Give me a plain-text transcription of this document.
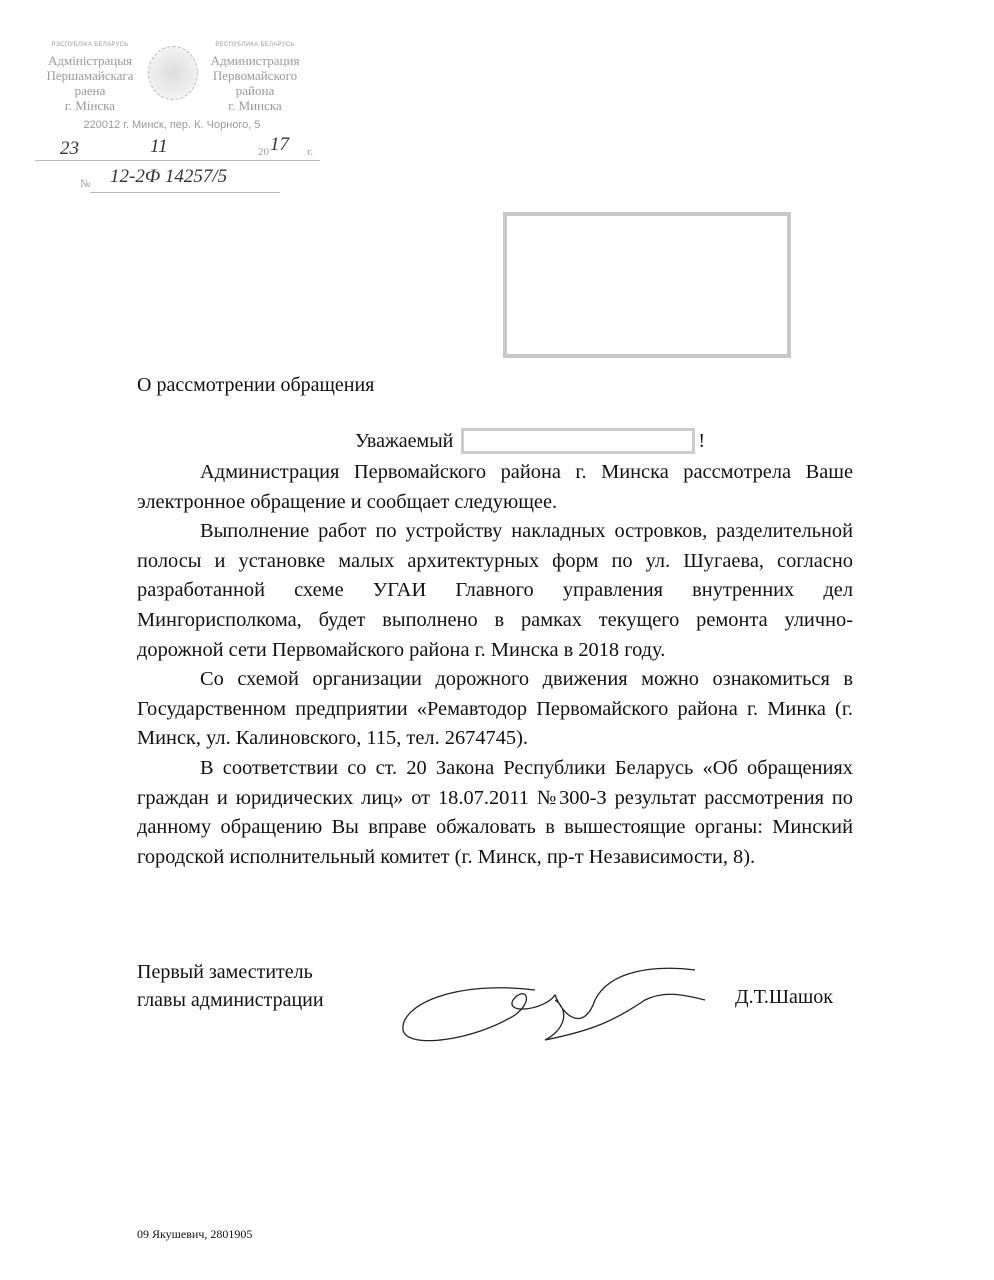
РЭСПУБЛІКА БЕЛАРУСЬ
Адміністрацыя
Першамайскага
раена
г. Мінска
РЕСПУБЛИКА БЕЛАРУСЬ
Администрация
Первомайского
района
г. Минска
220012 г. Минск, пер. К. Чорного, 5
20	г.
№
23	11	17
12-2Ф 14257/5
О рассмотрении обращения
Уважаемый	!

Администрация Первомайского района г. Минска рассмотрела Ваше электронное обращение и сообщает следующее.

Выполнение работ по устройству накладных островков, разделительной полосы и установке малых архитектурных форм по ул. Шугаева, согласно разработанной схеме УГАИ Главного управления внутренних дел Мингорисполкома, будет выполнено в рамках текущего ремонта улично-дорожной сети Первомайского района г. Минска в 2018 году.

Со схемой организации дорожного движения можно ознакомиться в Государственном предприятии «Ремавтодор Первомайского района г. Минка (г. Минск, ул. Калиновского, 115, тел. 2674745).

В соответствии со ст. 20 Закона Республики Беларусь «Об обращениях граждан и юридических лиц» от 18.07.2011 №300-З результат рассмотрения по данному обращению Вы вправе обжаловать в вышестоящие органы: Минский городской исполнительный комитет (г. Минск, пр-т Независимости, 8).

Первый заместитель
главы администрации	Д.Т.Шашок
09 Якушевич, 2801905
